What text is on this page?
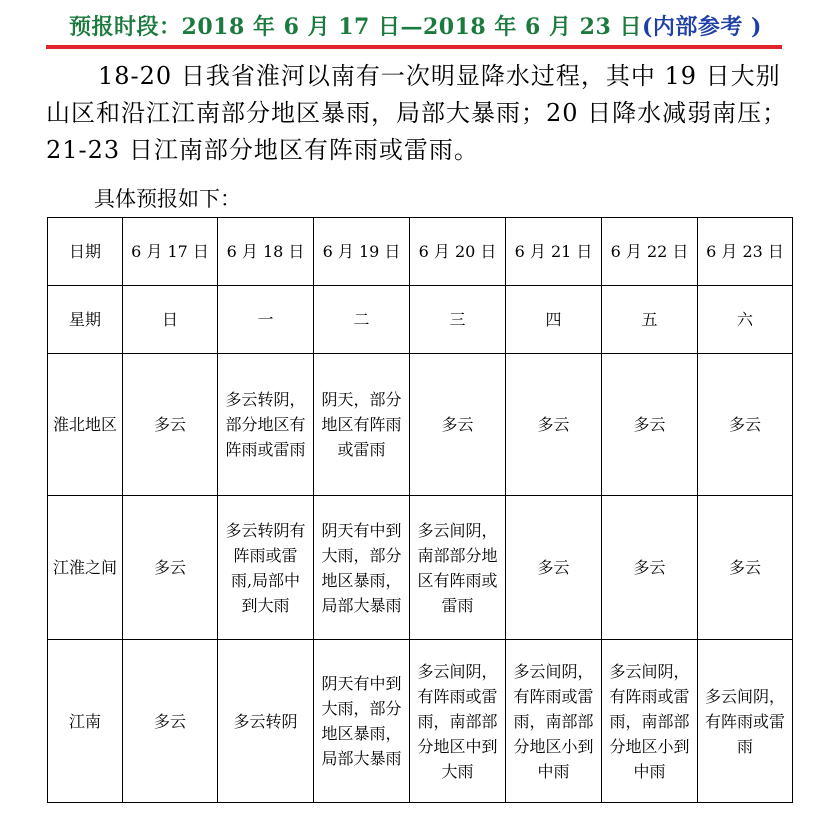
预报时段：2018 年 6 月 17 日—2018 年 6 月 23 日(内部参考 )
18-20 日我省淮河以南有一次明显降水过程，其中 19 日大别山区和沿江江南部分地区暴雨，局部大暴雨；20 日降水减弱南压；21-23 日江南部分地区有阵雨或雷雨。
具体预报如下：
日期	6 月 17 日	6 月 18 日	6 月 19 日	6 月 20 日	6 月 21 日	6 月 22 日	6 月 23 日
星期	日	一	二	三	四	五	六
淮北地区	多云	多云转阴，部分地区有阵雨或雷雨	阴天，部分地区有阵雨或雷雨	多云	多云	多云	多云
江淮之间	多云	多云转阴有阵雨或雷雨,局部中到大雨	阴天有中到大雨，部分地区暴雨，局部大暴雨	多云间阴，南部部分地区有阵雨或雷雨	多云	多云	多云
江南	多云	多云转阴	阴天有中到大雨，部分地区暴雨，局部大暴雨	多云间阴，有阵雨或雷雨，南部部分地区中到大雨	多云间阴，有阵雨或雷雨，南部部分地区小到中雨	多云间阴，有阵雨或雷雨，南部部分地区小到中雨	多云间阴，有阵雨或雷雨
